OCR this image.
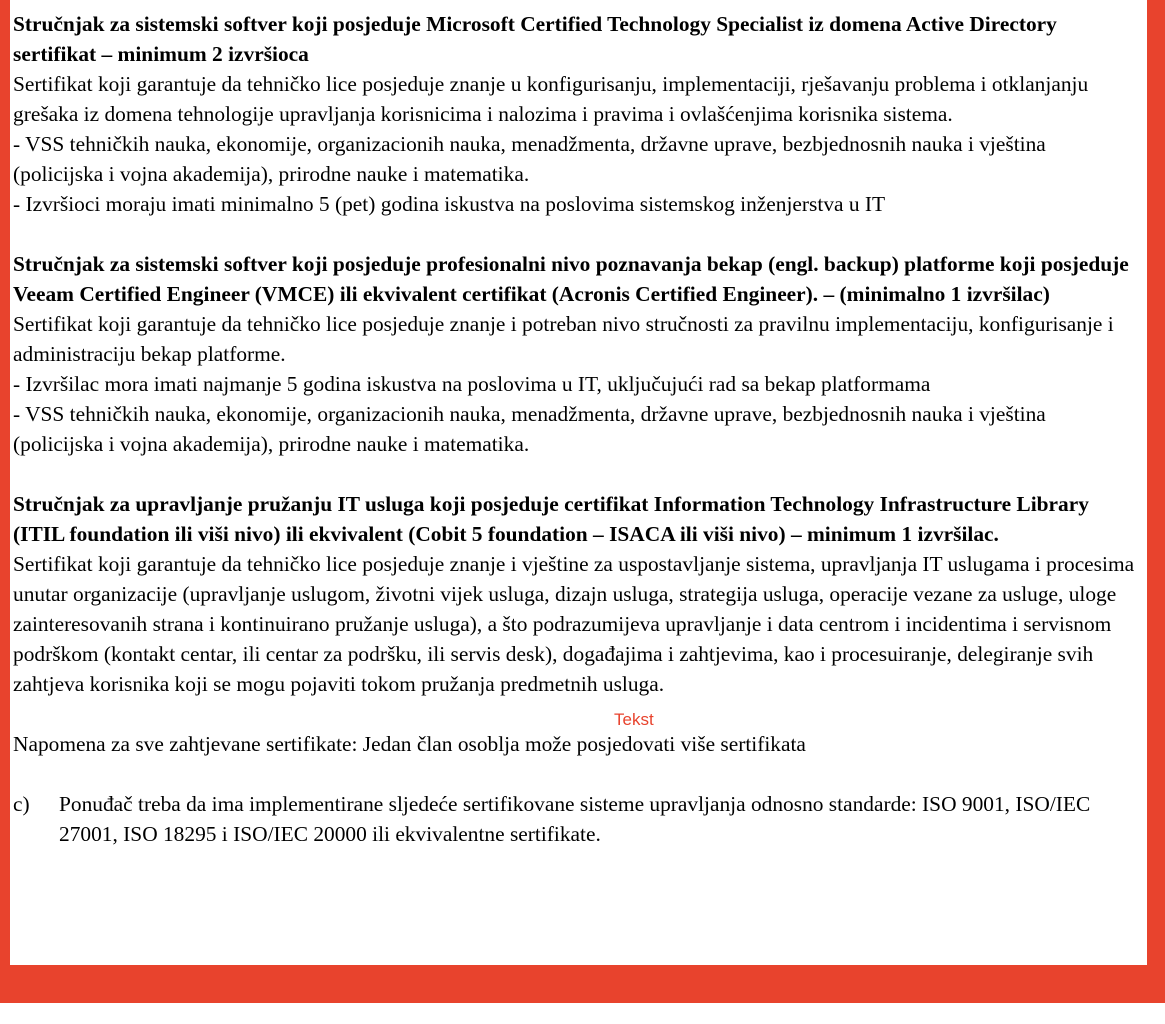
Stručnjak za sistemski softver koji posjeduje Microsoft Certified Technology Specialist iz domena Active Directory sertifikat – minimum 2 izvršioca

Sertifikat koji garantuje da tehničko lice posjeduje znanje u konfigurisanju, implementaciji, rješavanju problema i otklanjanju grešaka iz domena tehnologije upravljanja korisnicima i nalozima i pravima i ovlašćenjima korisnika sistema.

- VSS tehničkih nauka, ekonomije, organizacionih nauka, menadžmenta, državne uprave, bezbjednosnih nauka i vještina (policijska i vojna akademija), prirodne nauke i matematika.

- Izvršioci moraju imati minimalno 5 (pet) godina iskustva na poslovima sistemskog inženjerstva u IT

Stručnjak za sistemski softver koji posjeduje profesionalni nivo poznavanja bekap (engl. backup) platforme koji posjeduje Veeam Certified Engineer (VMCE) ili ekvivalent certifikat (Acronis Certified Engineer). – (minimalno 1 izvršilac)

Sertifikat koji garantuje da tehničko lice posjeduje znanje i potreban nivo stručnosti za pravilnu implementaciju, konfigurisanje i administraciju bekap platforme.

- Izvršilac mora imati najmanje 5 godina iskustva na poslovima u IT, uključujući rad sa bekap platformama

- VSS tehničkih nauka, ekonomije, organizacionih nauka, menadžmenta, državne uprave, bezbjednosnih nauka i vještina (policijska i vojna akademija), prirodne nauke i matematika.

Stručnjak za upravljanje pružanju IT usluga koji posjeduje certifikat Information Technology Infrastructure Library (ITIL foundation ili viši nivo) ili ekvivalent (Cobit 5 foundation – ISACA ili viši nivo) – minimum 1 izvršilac.

Sertifikat koji garantuje da tehničko lice posjeduje znanje i vještine za uspostavljanje sistema, upravljanja IT uslugama i procesima unutar organizacije (upravljanje uslugom, životni vijek usluga, dizajn usluga, strategija usluga, operacije vezane za usluge, uloge zainteresovanih strana i kontinuirano pružanje usluga), a što podrazumijeva upravljanje i data centrom i incidentima i servisnom podrškom (kontakt centar, ili centar za podršku, ili servis desk), događajima i zahtjevima, kao i procesuiranje, delegiranje svih zahtjeva korisnika koji se mogu pojaviti tokom pružanja predmetnih usluga.

Napomena za sve zahtjevane sertifikate: Jedan član osoblja može posjedovati više sertifikata

c)	Ponuđač treba da ima implementirane sljedeće sertifikovane sisteme upravljanja odnosno standarde: ISO 9001, ISO/IEC 27001, ISO 18295 i ISO/IEC 20000 ili ekvivalentne sertifikate.

Tekst
